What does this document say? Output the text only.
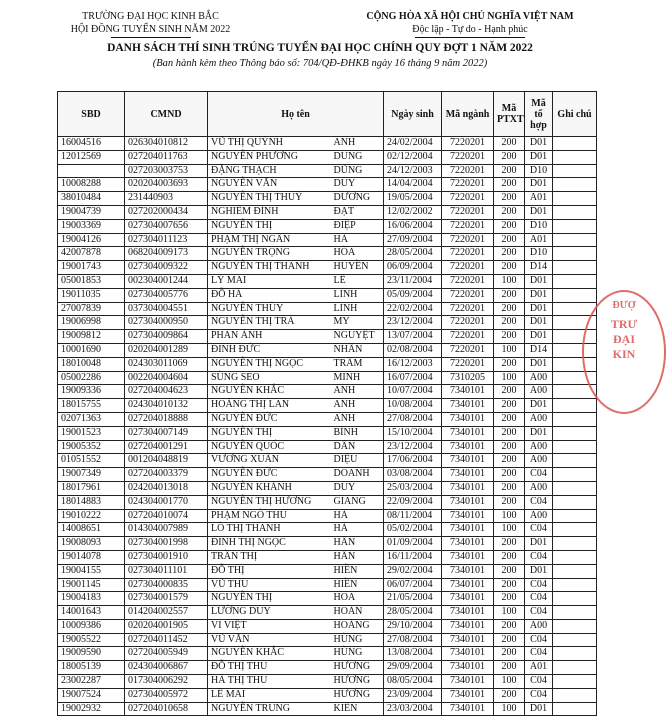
TRƯỜNG ĐẠI HỌC KINH BẮC
HỘI ĐỒNG TUYỂN SINH NĂM 2022
CỘNG HÒA XÃ HỘI CHỦ NGHĨA VIỆT NAM
Độc lập - Tự do - Hạnh phúc
DANH SÁCH THÍ SINH TRÚNG TUYỂN ĐẠI HỌC CHÍNH QUY ĐỢT 1 NĂM 2022
(Ban hành kèm theo Thông báo số: 704/QĐ-ĐHKB ngày 16 tháng 9 năm 2022)
SBD	CMND	Họ tên		Ngày sinh	Mã ngành	Mã PTXT	Mã tổ hợp	Ghi chú
16004516	026304010812	VŨ THỊ QUỲNH	ANH	24/02/2004	7220201	200	D01	
12012569	027204011763	NGUYỄN PHƯƠNG	DUNG	02/12/2004	7220201	200	D01	
	027203003753	ĐẶNG THẠCH	DŨNG	24/12/2003	7220201	200	D10	
10008288	020204003693	NGUYỄN VĂN	DUY	14/04/2004	7220201	200	D01	
38010484	231440903	NGUYỄN THỊ THUỲ	DƯƠNG	19/05/2004	7220201	200	A01	
19004739	027202000434	NGHIÊM ĐÌNH	ĐẠT	12/02/2002	7220201	200	D01	
19003369	027304007656	NGUYỄN THỊ	ĐIỆP	16/06/2004	7220201	200	D10	
19004126	027304011123	PHẠM THỊ NGÂN	HÀ	27/09/2004	7220201	200	A01	
42007878	068204009173	NGUYỄN TRỌNG	HÒA	28/05/2004	7220201	200	D10	
19001743	027304009322	NGUYỄN THỊ THANH	HUYỀN	06/09/2004	7220201	200	D14	
05001853	002304001244	LÝ MAI	LÊ	23/11/2004	7220201	100	D01	
19011035	027304005776	ĐỖ HÀ	LINH	05/09/2004	7220201	200	D01	
27007839	037304004551	NGUYỄN THÙY	LINH	22/02/2004	7220201	200	D01	
19006998	027304000950	NGUYỄN THỊ TRÀ	MY	23/12/2004	7220201	200	D01	
19009812	027304009864	PHAN ÁNH	NGUYỆT	13/07/2004	7220201	200	D01	
10001690	020204001289	ĐINH ĐỨC	NHÂN	02/08/2004	7220201	100	D14	
18010048	024303011069	NGUYỄN THỊ NGỌC	TRÂM	16/12/2003	7220201	200	D01	
05002286	002204004604	SÙNG SEO	MINH	16/07/2004	7310205	100	A00	
19009336	027204004623	NGUYỄN KHẮC	ANH	10/07/2004	7340101	200	A00	
18015755	024304010132	HOÀNG THỊ LAN	ANH	10/08/2004	7340101	200	D01	
02071363	027204018888	NGUYỄN ĐỨC	ANH	27/08/2004	7340101	200	A00	
19001523	027304007149	NGUYỄN THỊ	BÌNH	15/10/2004	7340101	200	D01	
19005352	027204001291	NGUYỄN QUỐC	DÂN	23/12/2004	7340101	200	A00	
01051552	001204048819	VƯƠNG XUÂN	DIỆU	17/06/2004	7340101	200	A00	
19007349	027204003379	NGUYỄN ĐỨC	DOANH	03/08/2004	7340101	200	C04	
18017961	024204013018	NGUYỄN KHÁNH	DUY	25/03/2004	7340101	200	A00	
18014883	024304001770	NGUYỄN THỊ HƯƠNG	GIANG	22/09/2004	7340101	200	C04	
19010222	027204010074	PHẠM NGÔ THU	HÀ	08/11/2004	7340101	100	A00	
14008651	014304007989	LÒ THỊ THANH	HÀ	05/02/2004	7340101	100	C04	
19008093	027304001998	ĐINH THỊ NGỌC	HÂN	01/09/2004	7340101	200	D01	
19014078	027304001910	TRẦN THỊ	HÂN	16/11/2004	7340101	200	C04	
19004155	027304011101	ĐỖ THỊ	HIỀN	29/02/2004	7340101	200	D01	
19001145	027304000835	VŨ THU	HIỀN	06/07/2004	7340101	200	C04	
19004183	027304001579	NGUYỄN THỊ	HOA	21/05/2004	7340101	200	C04	
14001643	014204002557	LƯỜNG DUY	HOÀN	28/05/2004	7340101	100	C04	
10009386	020204001905	VI VIỆT	HOÀNG	29/10/2004	7340101	200	A00	
19005522	027204011452	VŨ VĂN	HÙNG	27/08/2004	7340101	200	C04	
19009590	027204005949	NGUYỄN KHẮC	HÙNG	13/08/2004	7340101	200	C04	
18005139	024304006867	ĐỖ THỊ THU	HƯƠNG	29/09/2004	7340101	200	A01	
23002287	017304006292	HÀ THỊ THU	HƯƠNG	08/05/2004	7340101	100	C04	
19007524	027304005972	LÊ MAI	HƯƠNG	23/09/2004	7340101	200	C04	
19002932	027204010658	NGUYỄN TRUNG	KIÊN	23/03/2004	7340101	100	D01	
ĐƯỢ
TRƯ
ĐẠI
KIN
